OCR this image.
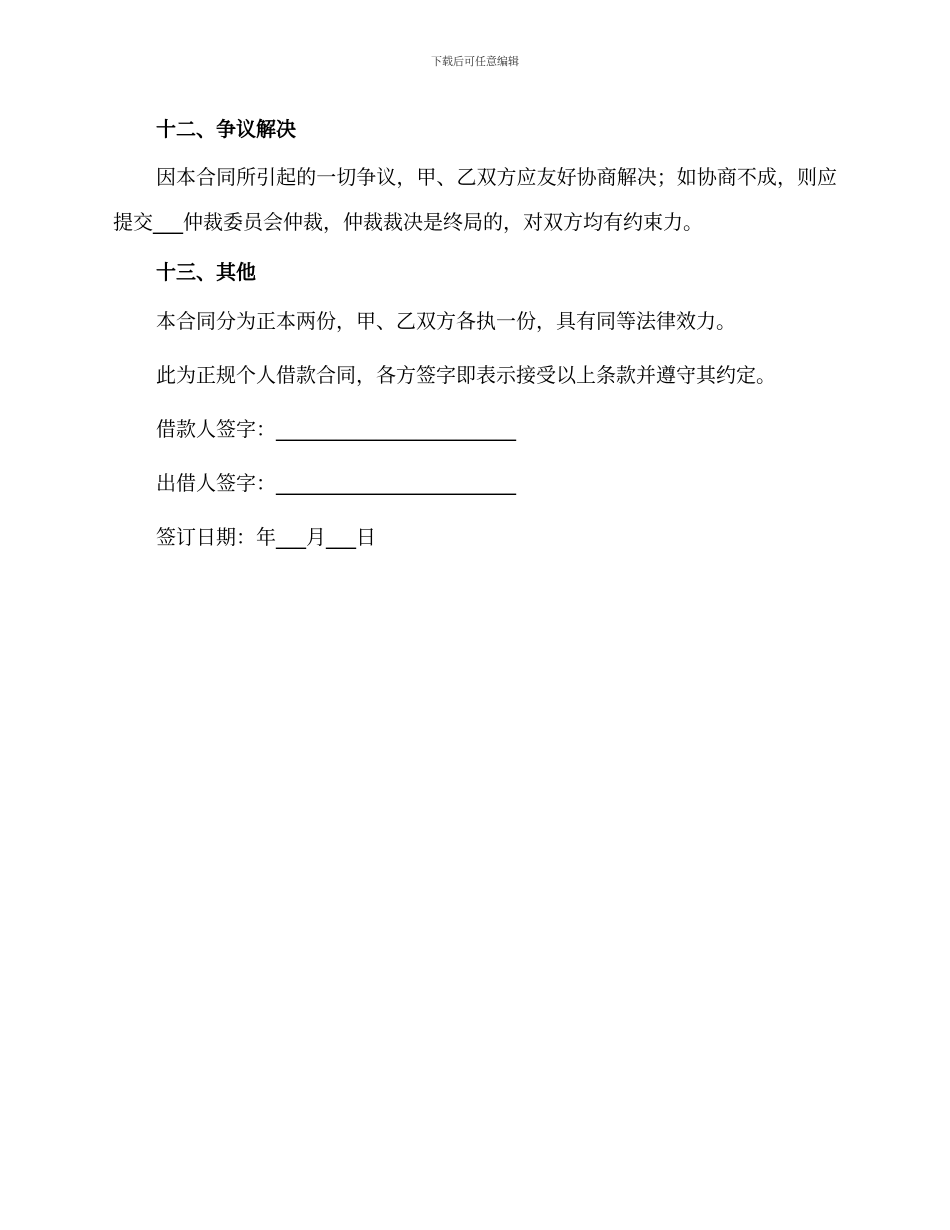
下载后可任意编辑
十二、争议解决

因本合同所引起的一切争议，甲、乙双方应友好协商解决；如协商不成，则应提交___仲裁委员会仲裁，仲裁裁决是终局的，对双方均有约束力。

十三、其他

本合同分为正本两份，甲、乙双方各执一份，具有同等法律效力。

此为正规个人借款合同，各方签字即表示接受以上条款并遵守其约定。

借款人签字：________________________

出借人签字：________________________

签订日期：年___月___日
